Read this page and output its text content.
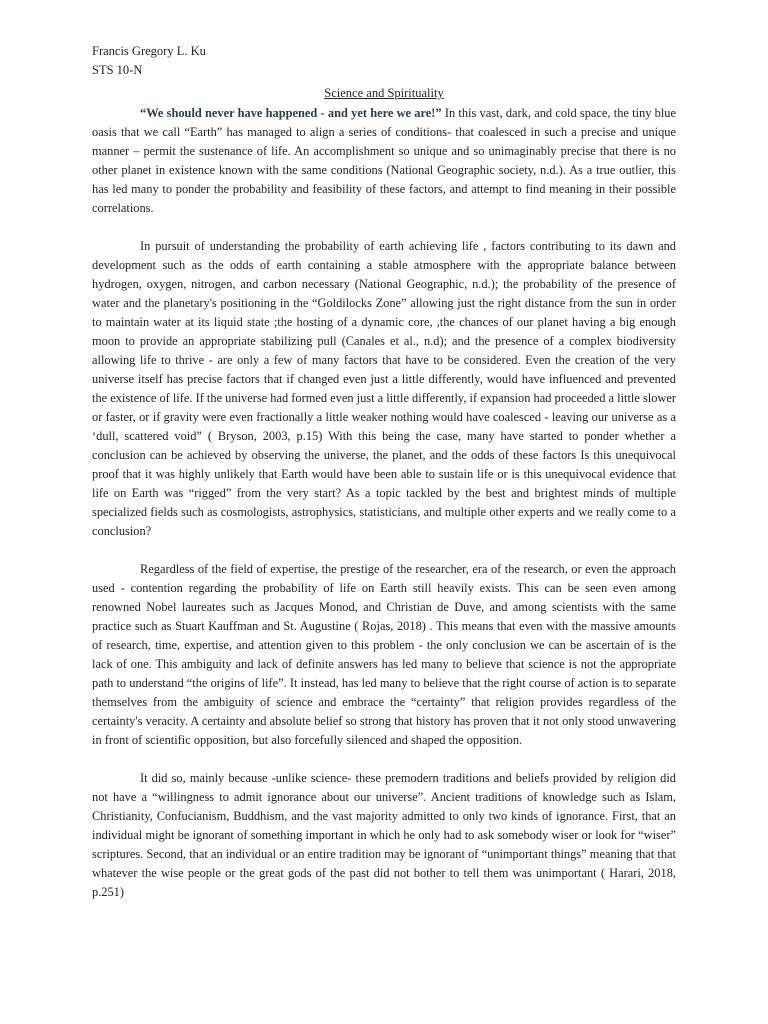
Francis Gregory L. Ku
STS 10-N
Science and Spirituality

“We should never have happened - and yet here we are!” In this vast, dark, and cold space, the tiny blue oasis that we call “Earth” has managed to align a series of conditions- that coalesced in such a precise and unique manner – permit the sustenance of life. An accomplishment so unique and so unimaginably precise that there is no other planet in existence known with the same conditions (National Geographic society, n.d.). As a true outlier, this has led many to ponder the probability and feasibility of these factors, and attempt to find meaning in their possible correlations.

In pursuit of understanding the probability of earth achieving life , factors contributing to its dawn and development such as the odds of earth containing a stable atmosphere with the appropriate balance between hydrogen, oxygen, nitrogen, and carbon necessary (National Geographic, n.d.); the probability of the presence of water and the planetary's positioning in the “Goldilocks Zone” allowing just the right distance from the sun in order to maintain water at its liquid state ;the hosting of a dynamic core, ,the chances of our planet having a big enough moon to provide an appropriate stabilizing pull (Canales et al., n.d); and the presence of a complex biodiversity allowing life to thrive - are only a few of many factors that have to be considered. Even the creation of the very universe itself has precise factors that if changed even just a little differently, would have influenced and prevented the existence of life. If the universe had formed even just a little differently, if expansion had proceeded a little slower or faster, or if gravity were even fractionally a little weaker nothing would have coalesced - leaving our universe as a ‘dull, scattered void” ( Bryson, 2003, p.15) With this being the case, many have started to ponder whether a conclusion can be achieved by observing the universe, the planet, and the odds of these factors Is this unequivocal proof that it was highly unlikely that Earth would have been able to sustain life or is this unequivocal evidence that life on Earth was “rigged” from the very start? As a topic tackled by the best and brightest minds of multiple specialized fields such as cosmologists, astrophysics, statisticians, and multiple other experts and we really come to a conclusion?

Regardless of the field of expertise, the prestige of the researcher, era of the research, or even the approach used - contention regarding the probability of life on Earth still heavily exists. This can be seen even among renowned Nobel laureates such as Jacques Monod, and Christian de Duve, and among scientists with the same practice such as Stuart Kauffman and St. Augustine ( Rojas, 2018) . This means that even with the massive amounts of research, time, expertise, and attention given to this problem - the only conclusion we can be ascertain of is the lack of one. This ambiguity and lack of definite answers has led many to believe that science is not the appropriate path to understand “the origins of life”. It instead, has led many to believe that the right course of action is to separate themselves from the ambiguity of science and embrace the “certainty” that religion provides regardless of the certainty's veracity. A certainty and absolute belief so strong that history has proven that it not only stood unwavering in front of scientific opposition, but also forcefully silenced and shaped the opposition.

It did so, mainly because -unlike science- these premodern traditions and beliefs provided by religion did not have a “willingness to admit ignorance about our universe”. Ancient traditions of knowledge such as Islam, Christianity, Confucianism, Buddhism, and the vast majority admitted to only two kinds of ignorance. First, that an individual might be ignorant of something important in which he only had to ask somebody wiser or look for “wiser” scriptures. Second, that an individual or an entire tradition may be ignorant of “unimportant things” meaning that that whatever the wise people or the great gods of the past did not bother to tell them was unimportant ( Harari, 2018, p.251)
